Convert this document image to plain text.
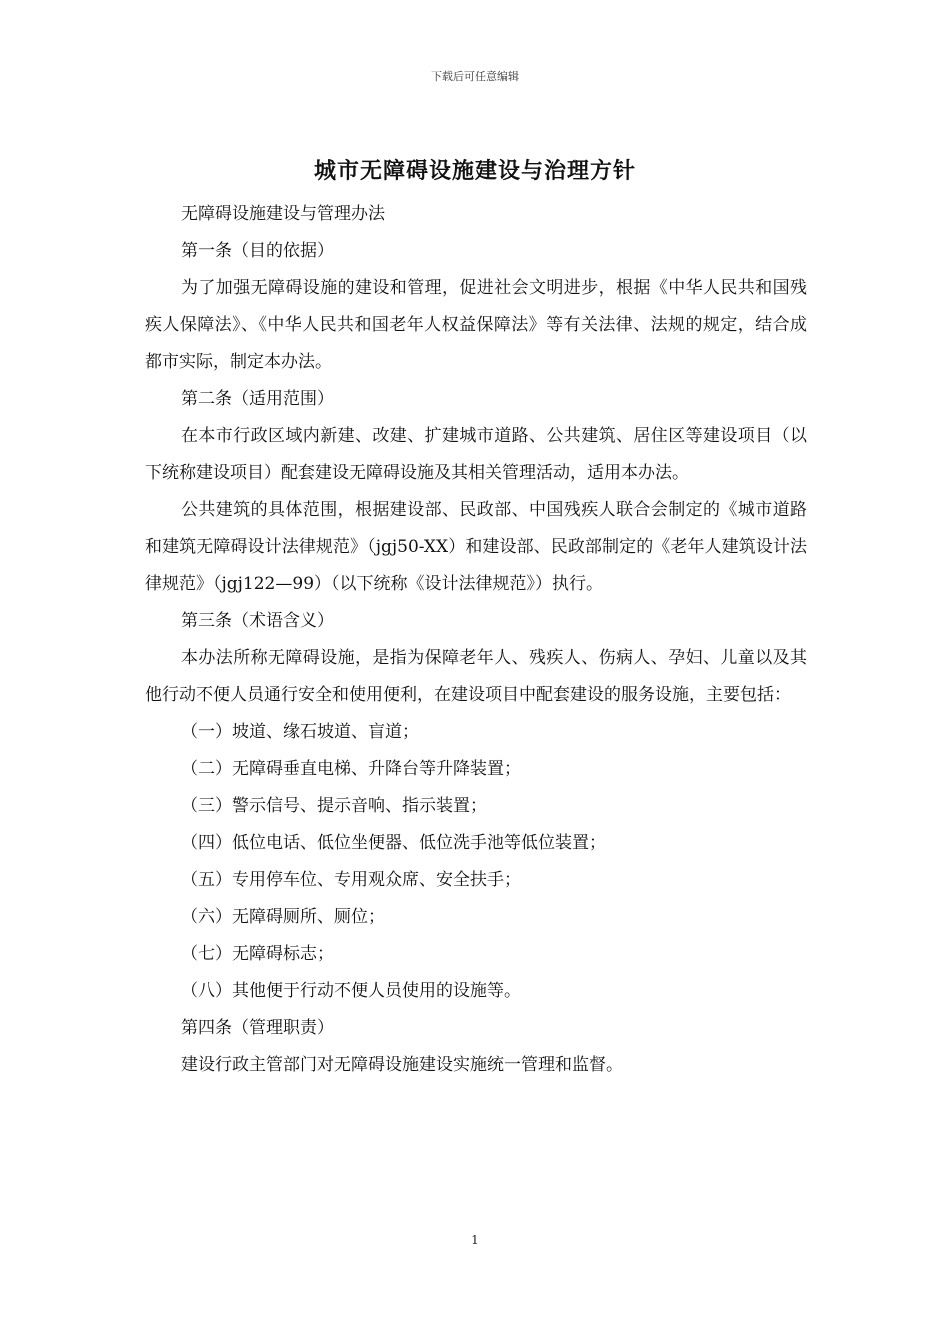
下载后可任意编辑
城市无障碍设施建设与治理方针

无障碍设施建设与管理办法

第一条（目的依据）

为了加强无障碍设施的建设和管理，促进社会文明进步，根据《中华人民共和国残疾人保障法》、《中华人民共和国老年人权益保障法》等有关法律、法规的规定，结合成都市实际，制定本办法。

第二条（适用范围）

在本市行政区域内新建、改建、扩建城市道路、公共建筑、居住区等建设项目（以下统称建设项目）配套建设无障碍设施及其相关管理活动，适用本办法。

公共建筑的具体范围，根据建设部、民政部、中国残疾人联合会制定的《城市道路和建筑无障碍设计法律规范》（jgj50-XX）和建设部、民政部制定的《老年人建筑设计法律规范》（jgj122—99）（以下统称《设计法律规范》）执行。

第三条（术语含义）

本办法所称无障碍设施，是指为保障老年人、残疾人、伤病人、孕妇、儿童以及其他行动不便人员通行安全和使用便利，在建设项目中配套建设的服务设施，主要包括：

（一）坡道、缘石坡道、盲道；

（二）无障碍垂直电梯、升降台等升降装置；

（三）警示信号、提示音响、指示装置；

（四）低位电话、低位坐便器、低位洗手池等低位装置；

（五）专用停车位、专用观众席、安全扶手；

（六）无障碍厕所、厕位；

（七）无障碍标志；

（八）其他便于行动不便人员使用的设施等。

第四条（管理职责）

建设行政主管部门对无障碍设施建设实施统一管理和监督。

1
